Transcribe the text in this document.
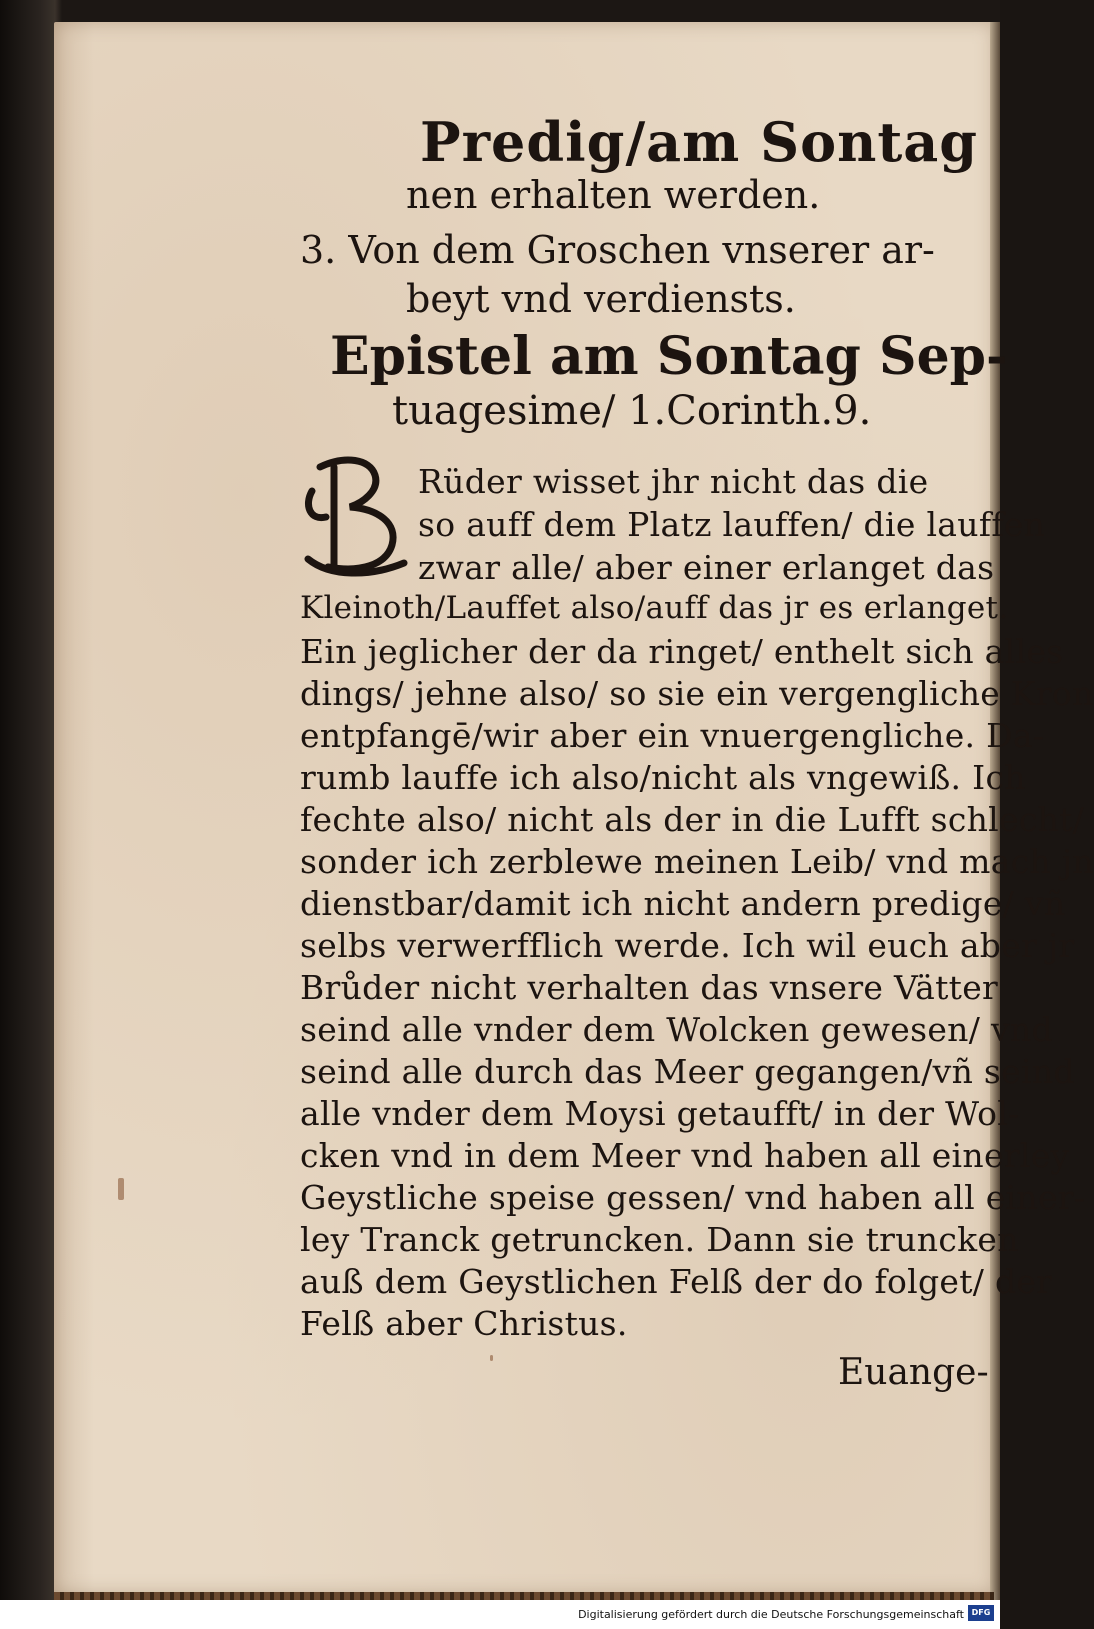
Predig/am Sontag
nen erhalten werden.
3. Von dem Groschen vnserer ar-
beyt vnd verdiensts.
Epistel am Sontag Sep-
tuagesime/ 1.Corinth.9.
B
Rüder wisset jhr nicht das die
so auff dem Platz lauffen/ die lauffen
zwar alle/ aber einer erlanget das
Kleinoth/Lauffet also/auff das jr es erlanget.
Ein jeglicher der da ringet/ enthelt sich alles
dings/ jehne also/ so sie ein vergengliche Kron
entpfangē/wir aber ein vnuergengliche. Da-
rumb lauffe ich also/nicht als vngewiß. Ich
fechte also/ nicht als der in die Lufft schlecht/
sonder ich zerblewe meinen Leib/ vnd mach jn
dienstbar/damit ich nicht andern predige/ vñ
selbs verwerfflich werde. Ich wil euch aber jr
Brůder nicht verhalten das vnsere Vätter
seind alle vnder dem Wolcken gewesen/ vnd
seind alle durch das Meer gegangen/vñ seind
alle vnder dem Moysi getaufft/ in der Wol-
cken vnd in dem Meer vnd haben all einerley
Geystliche speise gessen/ vnd haben all einer-
ley Tranck getruncken. Dann sie truncken
auß dem Geystlichen Felß der do folget/ der
Felß aber Christus.
Euange-
Digitalisierung gefördert durch die Deutsche Forschungsgemeinschaft DFG
